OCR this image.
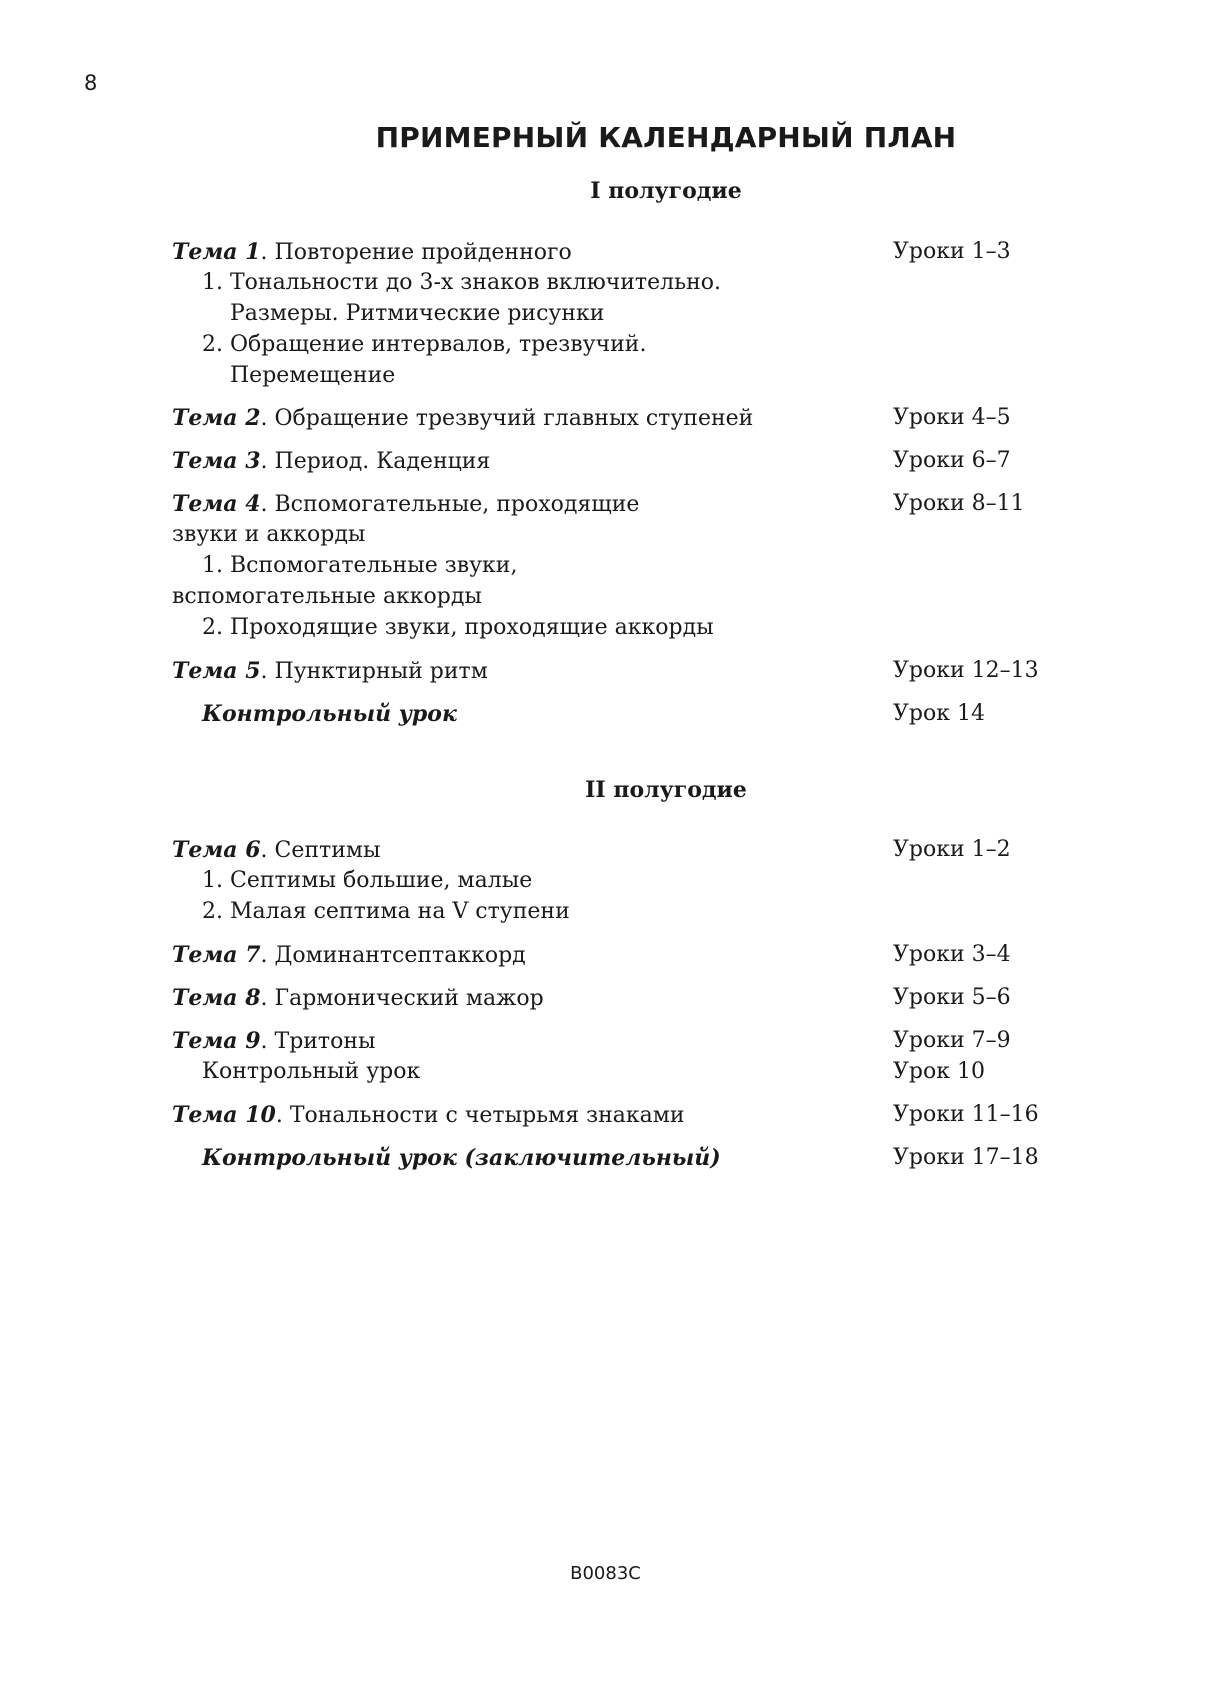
8
ПРИМЕРНЫЙ КАЛЕНДАРНЫЙ ПЛАН
I полугодие
Тема 1. Повторение пройденного	Уроки 1–3
1. Тональности до 3-х знаков включительно.
Размеры. Ритмические рисунки
2. Обращение интервалов, трезвучий.
Перемещение
Тема 2. Обращение трезвучий главных ступеней	Уроки 4–5
Тема 3. Период. Каденция	Уроки 6–7
Тема 4. Вспомогательные, проходящие	Уроки 8–11
звуки и аккорды
1. Вспомогательные звуки,
вспомогательные аккорды
2. Проходящие звуки, проходящие аккорды
Тема 5. Пунктирный ритм	Уроки 12–13
Контрольный урок	Урок 14
II полугодие
Тема 6. Септимы	Уроки 1–2
1. Септимы большие, малые
2. Малая септима на V ступени
Тема 7. Доминантсептаккорд	Уроки 3–4
Тема 8. Гармонический мажор	Уроки 5–6
Тема 9. Тритоны	Уроки 7–9
Контрольный урок	Урок 10
Тема 10. Тональности с четырьмя знаками	Уроки 11–16
Контрольный урок (заключительный)	Уроки 17–18
B0083C
